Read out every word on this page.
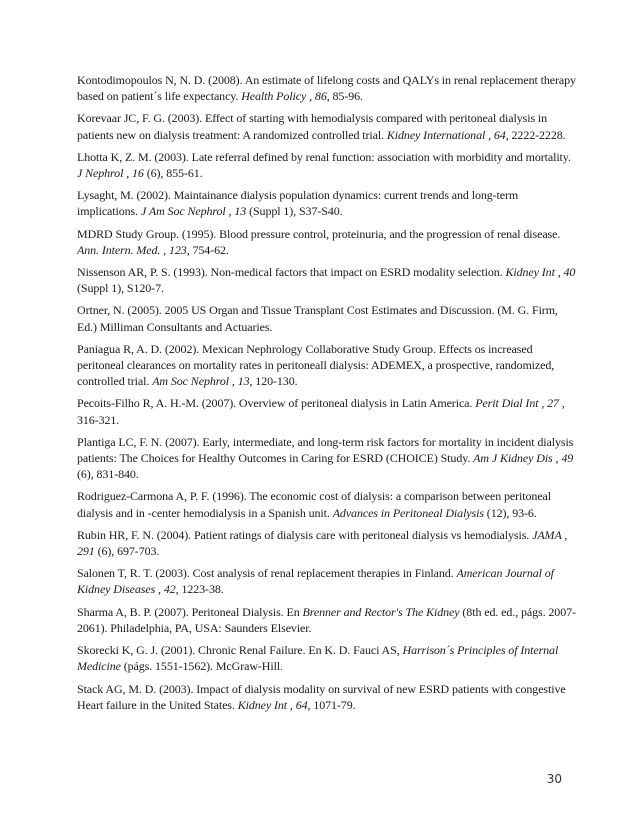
Kontodimopoulos N, N. D. (2008). An estimate of lifelong costs and QALYs in renal replacement therapy based on patient´s life expectancy. Health Policy , 86, 85-96.

Korevaar JC, F. G. (2003). Effect of starting with hemodialysis compared with peritoneal dialysis in patients new on dialysis treatment: A randomized controlled trial. Kidney International , 64, 2222-2228.

Lhotta K, Z. M. (2003). Late referral defined by renal function: association with morbidity and mortality. J Nephrol , 16 (6), 855-61.

Lysaght, M. (2002). Maintainance dialysis population dynamics: current trends and long-term implications. J Am Soc Nephrol , 13 (Suppl 1), S37-S40.

MDRD Study Group. (1995). Blood pressure control, proteinuria, and the progression of renal disease. Ann. Intern. Med. , 123, 754-62.

Nissenson AR, P. S. (1993). Non-medical factors that impact on ESRD modality selection. Kidney Int , 40 (Suppl 1), S120-7.

Ortner, N. (2005). 2005 US Organ and Tissue Transplant Cost Estimates and Discussion. (M. G. Firm, Ed.) Milliman Consultants and Actuaries.

Paniagua R, A. D. (2002). Mexican Nephrology Collaborative Study Group. Effects os increased peritoneal clearances on mortality rates in peritoneall dialysis: ADEMEX, a prospective, randomized, controlled trial. Am Soc Nephrol , 13, 120-130.

Pecoits-Filho R, A. H.-M. (2007). Overview of peritoneal dialysis in Latin America. Perit Dial Int , 27 , 316-321.

Plantiga LC, F. N. (2007). Early, intermediate, and long-term risk factors for mortality in incident dialysis patients: The Choices for Healthy Outcomes in Caring for ESRD (CHOICE) Study. Am J Kidney Dis , 49 (6), 831-840.

Rodriguez-Carmona A, P. F. (1996). The economic cost of dialysis: a comparison between peritoneal dialysis and in -center hemodialysis in a Spanish unit. Advances in Peritoneal Dialysis (12), 93-6.

Rubin HR, F. N. (2004). Patient ratings of dialysis care with peritoneal dialysis vs hemodialysis. JAMA , 291 (6), 697-703.

Salonen T, R. T. (2003). Cost analysis of renal replacement therapies in Finland. American Journal of Kidney Diseases , 42, 1223-38.

Sharma A, B. P. (2007). Peritoneal Dialysis. En Brenner and Rector's The Kidney (8th ed. ed., págs. 2007-2061). Philadelphia, PA, USA: Saunders Elsevier.

Skorecki K, G. J. (2001). Chronic Renal Failure. En K. D. Fauci AS, Harrison´s Principles of Internal Medicine (págs. 1551-1562). McGraw-Hill.

Stack AG, M. D. (2003). Impact of dialysis modality on survival of new ESRD patients with congestive Heart failure in the United States. Kidney Int , 64, 1071-79.

30
